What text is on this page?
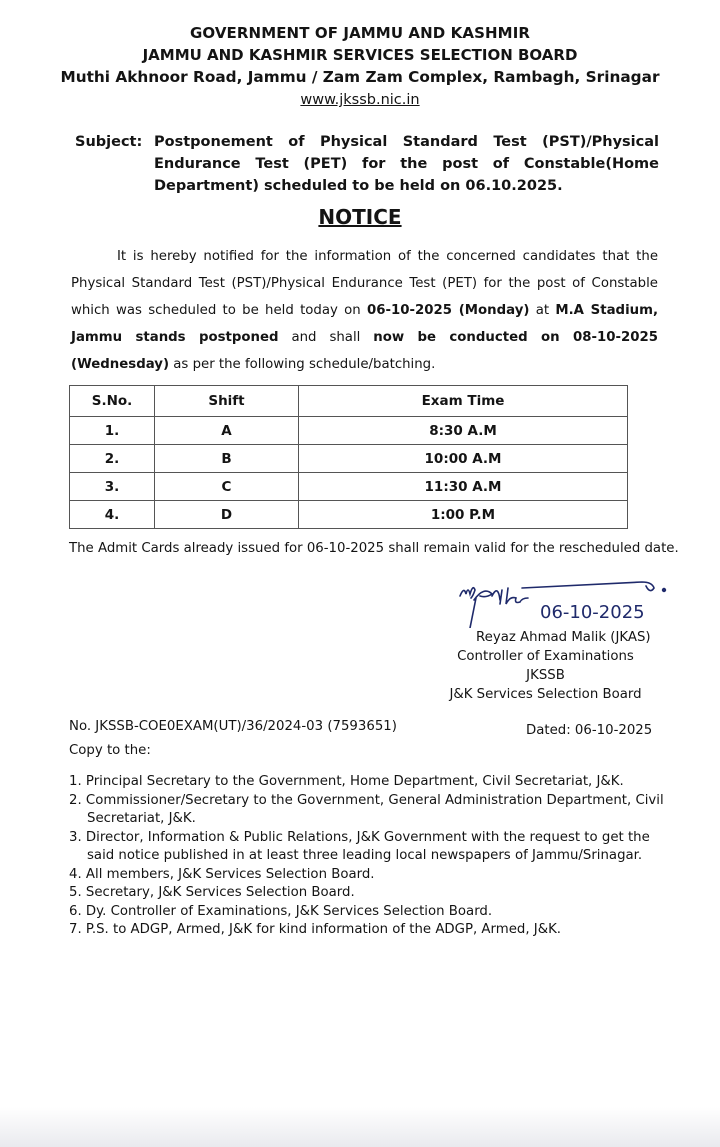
GOVERNMENT OF JAMMU AND KASHMIR
JAMMU AND KASHMIR SERVICES SELECTION BOARD
Muthi Akhnoor Road, Jammu / Zam Zam Complex, Rambagh, Srinagar
www.jkssb.nic.in
Subject: Postponement of Physical Standard Test (PST)/Physical Endurance Test (PET) for the post of Constable(Home Department) scheduled to be held on 06.10.2025.
NOTICE
It is hereby notified for the information of the concerned candidates that the Physical Standard Test (PST)/Physical Endurance Test (PET) for the post of Constable which was scheduled to be held today on 06-10-2025 (Monday) at M.A Stadium, Jammu stands postponed and shall now be conducted on 08-10-2025 (Wednesday) as per the following schedule/batching.
S.No.	Shift	Exam Time
1.	A	8:30 A.M
2.	B	10:00 A.M
3.	C	11:30 A.M
4.	D	1:00 P.M
The Admit Cards already issued for 06-10-2025 shall remain valid for the rescheduled date.
06-10-2025
Reyaz Ahmad Malik (JKAS)
Controller of Examinations JKSSB
J&K Services Selection Board
No. JKSSB-COE0EXAM(UT)/36/2024-03 (7593651)	Dated: 06-10-2025
Copy to the:
1. Principal Secretary to the Government, Home Department, Civil Secretariat, J&K.
2. Commissioner/Secretary to the Government, General Administration Department, Civil Secretariat, J&K.
3. Director, Information & Public Relations, J&K Government with the request to get the said notice published in at least three leading local newspapers of Jammu/Srinagar.
4. All members, J&K Services Selection Board.
5. Secretary, J&K Services Selection Board.
6. Dy. Controller of Examinations, J&K Services Selection Board.
7. P.S. to ADGP, Armed, J&K for kind information of the ADGP, Armed, J&K.
